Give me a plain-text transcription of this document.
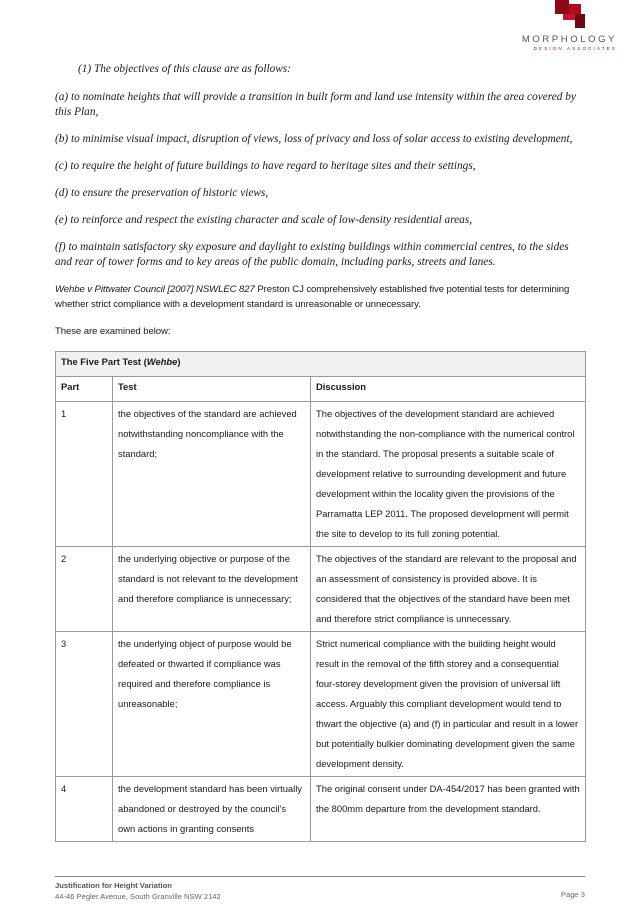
MORPHOLOGY
DESIGN ASSOCIATES

(1) The objectives of this clause are as follows:

(a) to nominate heights that will provide a transition in built form and land use intensity within the area covered by this Plan,

(b) to minimise visual impact, disruption of views, loss of privacy and loss of solar access to existing development,

(c) to require the height of future buildings to have regard to heritage sites and their settings,

(d) to ensure the preservation of historic views,

(e) to reinforce and respect the existing character and scale of low-density residential areas,

(f) to maintain satisfactory sky exposure and daylight to existing buildings within commercial centres, to the sides and rear of tower forms and to key areas of the public domain, including parks, streets and lanes.

Wehbe v Pittwater Council [2007] NSWLEC 827 Preston CJ comprehensively established five potential tests for determining whether strict compliance with a development standard is unreasonable or unnecessary.

These are examined below:

The Five Part Test (Wehbe)		
Part	Test	Discussion
1	the objectives of the standard are achieved notwithstanding noncompliance with the standard;	The objectives of the development standard are achieved notwithstanding the non-compliance with the numerical control in the standard. The proposal presents a suitable scale of development relative to surrounding development and future development within the locality given the provisions of the Parramatta LEP 2011. The proposed development will permit the site to develop to its full zoning potential.
2	the underlying objective or purpose of the standard is not relevant to the development and therefore compliance is unnecessary;	The objectives of the standard are relevant to the proposal and an assessment of consistency is provided above. It is considered that the objectives of the standard have been met and therefore strict compliance is unnecessary.
3	the underlying object of purpose would be defeated or thwarted if compliance was required and therefore compliance is unreasonable;	Strict numerical compliance with the building height would result in the removal of the fifth storey and a consequential four-storey development given the provision of universal lift access. Arguably this compliant development would tend to thwart the objective (a) and (f) in particular and result in a lower but potentially bulkier dominating development given the same development density.
4	the development standard has been virtually abandoned or destroyed by the council's own actions in granting consents	The original consent under DA-454/2017 has been granted with the 800mm departure from the development standard.
Justification for Height Variation
44-46 Pegler Avenue, South Granville NSW 2142	Page 3
